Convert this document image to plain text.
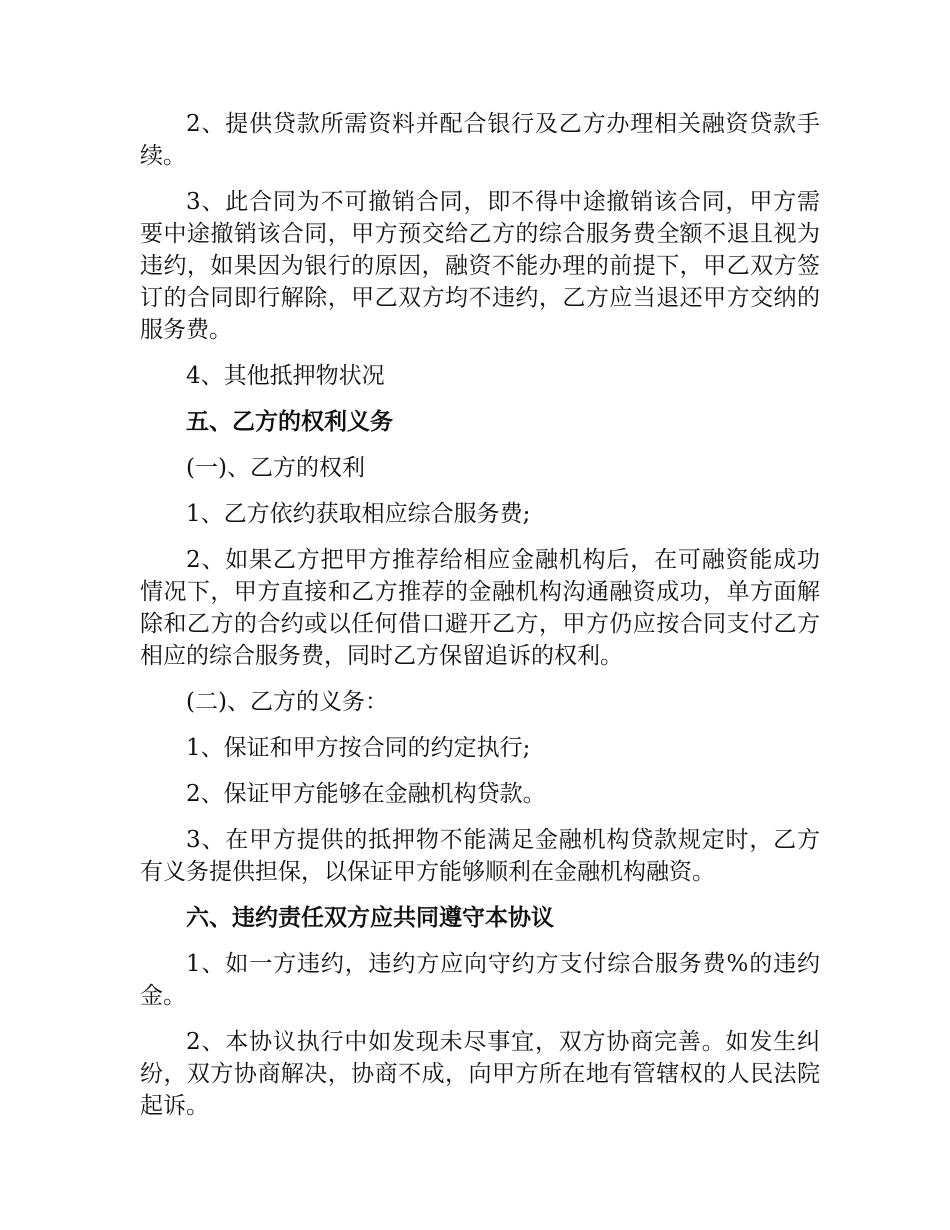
2、提供贷款所需资料并配合银行及乙方办理相关融资贷款手续。

3、此合同为不可撤销合同，即不得中途撤销该合同，甲方需要中途撤销该合同，甲方预交给乙方的综合服务费全额不退且视为违约，如果因为银行的原因，融资不能办理的前提下，甲乙双方签订的合同即行解除，甲乙双方均不违约，乙方应当退还甲方交纳的服务费。

4、其他抵押物状况

五、乙方的权利义务

(一)、乙方的权利

1、乙方依约获取相应综合服务费;

2、如果乙方把甲方推荐给相应金融机构后，在可融资能成功情况下，甲方直接和乙方推荐的金融机构沟通融资成功，单方面解除和乙方的合约或以任何借口避开乙方，甲方仍应按合同支付乙方相应的综合服务费，同时乙方保留追诉的权利。

(二)、乙方的义务：

1、保证和甲方按合同的约定执行;

2、保证甲方能够在金融机构贷款。

3、在甲方提供的抵押物不能满足金融机构贷款规定时，乙方有义务提供担保，以保证甲方能够顺利在金融机构融资。

六、违约责任双方应共同遵守本协议

1、如一方违约，违约方应向守约方支付综合服务费%的违约金。

2、本协议执行中如发现未尽事宜，双方协商完善。如发生纠纷，双方协商解决，协商不成，向甲方所在地有管辖权的人民法院起诉。
